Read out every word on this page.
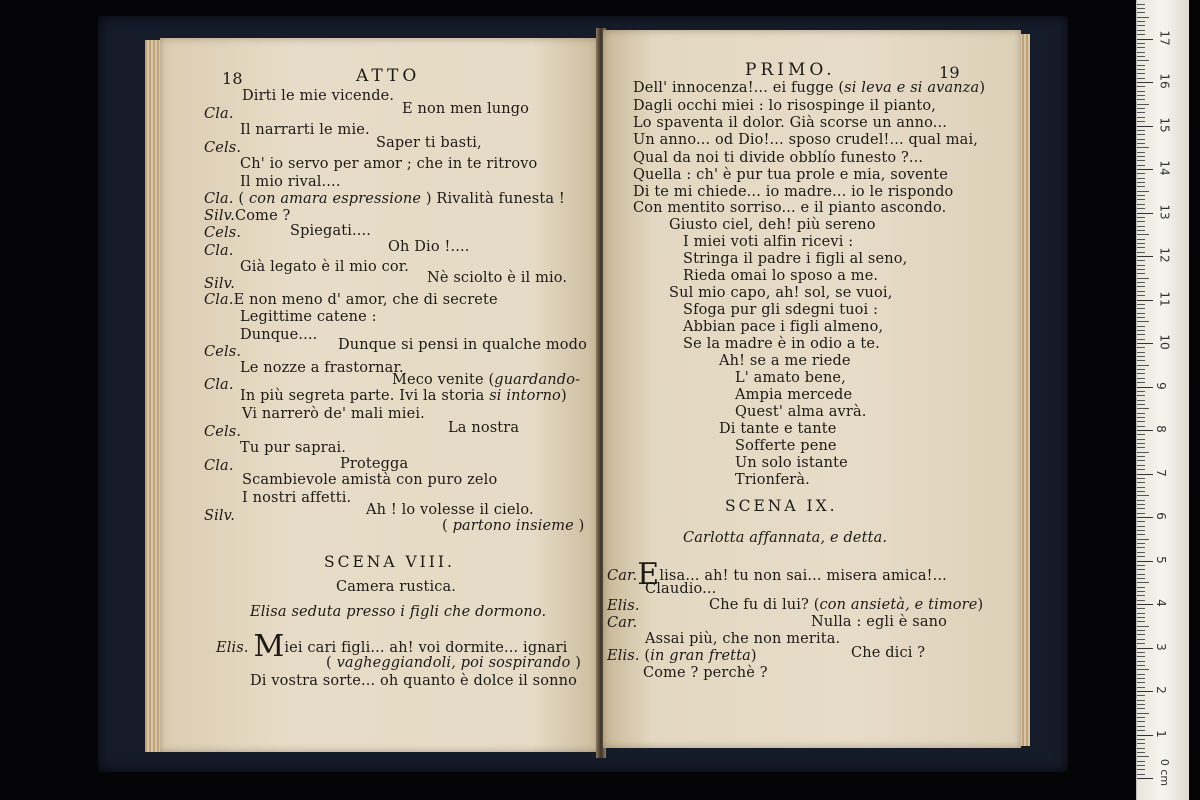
18	ATTO
Dirti le mie vicende.
Cla.	E non men lungo
Il narrarti le mie.
Cels.	Saper ti basti,
Ch' io servo per amor ; che in te ritrovo
Il mio rival....
Cla. ( con amara espressione ) Rivalità funesta !
Silv.Come ?
Cels.	Spiegati....
Cla.	Oh Dio !....
Già legato è il mio cor.
Silv.	Nè sciolto è il mio.
Cla.E non meno d' amor, che di secrete
Legittime catene :
Dunque....
Cels.	Dunque si pensi in qualche modo
Le nozze a frastornar.
Cla.	Meco venite (guardando-
In più segreta parte. Ivi la storia si intorno)
Vi narrerò de' mali miei.
Cels.	La nostra
Tu pur saprai.
Cla.	Protegga
Scambievole amistà con puro zelo
I nostri affetti.
Silv.	Ah ! lo volesse il cielo.
( partono insieme )
SCENA VIII.
Camera rustica.
Elisa seduta presso i figli che dormono.
Elis. Miei cari figli... ah! voi dormite... ignari
( vagheggiandoli, poi sospirando )
Di vostra sorte... oh quanto è dolce il sonno
PRIMO.	19
Dell' innocenza!... ei fugge (si leva e si avanza)
Dagli occhi miei : lo risospinge il pianto,
Lo spaventa il dolor. Già scorse un anno...
Un anno... od Dio!... sposo crudel!... qual mai,
Qual da noi ti divide obblío funesto ?...
Quella : ch' è pur tua prole e mia, sovente
Di te mi chiede... io madre... io le rispondo
Con mentito sorriso... e il pianto ascondo.
Giusto ciel, deh! più sereno
I miei voti alfin ricevi :
Stringa il padre i figli al seno,
Rieda omai lo sposo a me.
Sul mio capo, ah! sol, se vuoi,
Sfoga pur gli sdegni tuoi :
Abbian pace i figli almeno,
Se la madre è in odio a te.
Ah! se a me riede
L' amato bene,
Ampia mercede
Quest' alma avrà.
Di tante e tante
Sofferte pene
Un solo istante
Trionferà.
SCENA IX.
Carlotta affannata, e detta.
Car.Elisa... ah! tu non sai... misera amica!...
Claudio...
Elis.	Che fu di lui? (con ansietà, e timore)
Car.	Nulla : egli è sano
Assai più, che non merita.
Elis. (in gran fretta)	Che dici ?
Come ? perchè ?
0 cm
1
2
3
4
5
6
7
8
9
10
11
12
13
14
15
16
17
